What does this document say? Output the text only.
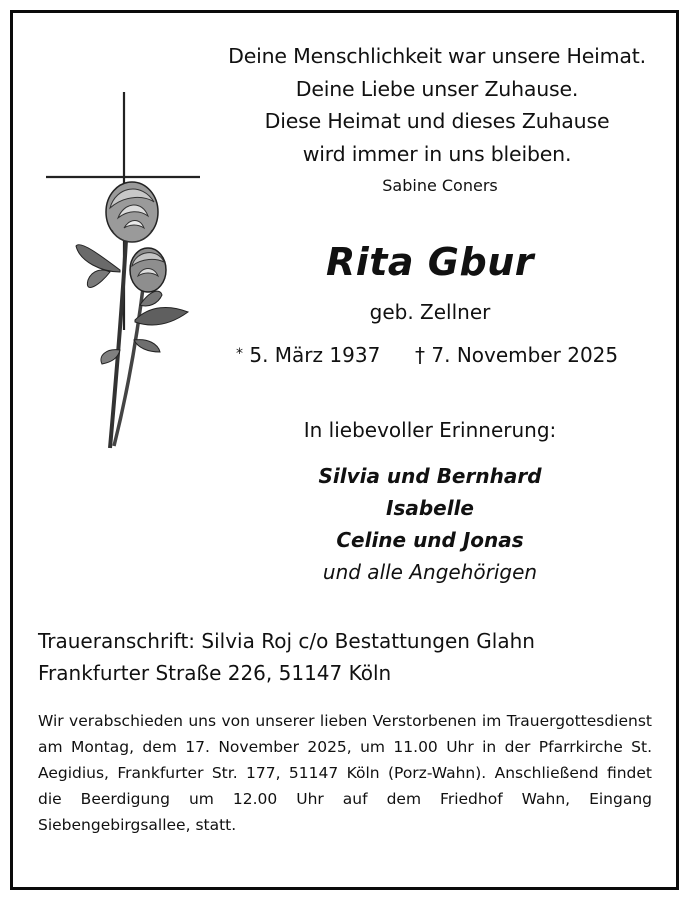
Deine Menschlichkeit war unsere Heimat.
Deine Liebe unser Zuhause.
Diese Heimat und dieses Zuhause
wird immer in uns bleiben.
Sabine Coners
Rita Gbur
geb. Zellner
* 5. März 1937 † 7. November 2025
In liebevoller Erinnerung:
Silvia und Bernhard
Isabelle
Celine und Jonas
und alle Angehörigen
Traueranschrift: Silvia Roj c/o Bestattungen Glahn
Frankfurter Straße 226, 51147 Köln
Wir verabschieden uns von unserer lieben Verstorbenen im Trauergottesdienst am Montag, dem 17. November 2025, um 11.00 Uhr in der Pfarrkirche St. Aegidius, Frankfurter Str. 177, 51147 Köln (Porz-Wahn). Anschließend findet die Beerdigung um 12.00 Uhr auf dem Friedhof Wahn, Eingang Siebengebirgsallee, statt.
